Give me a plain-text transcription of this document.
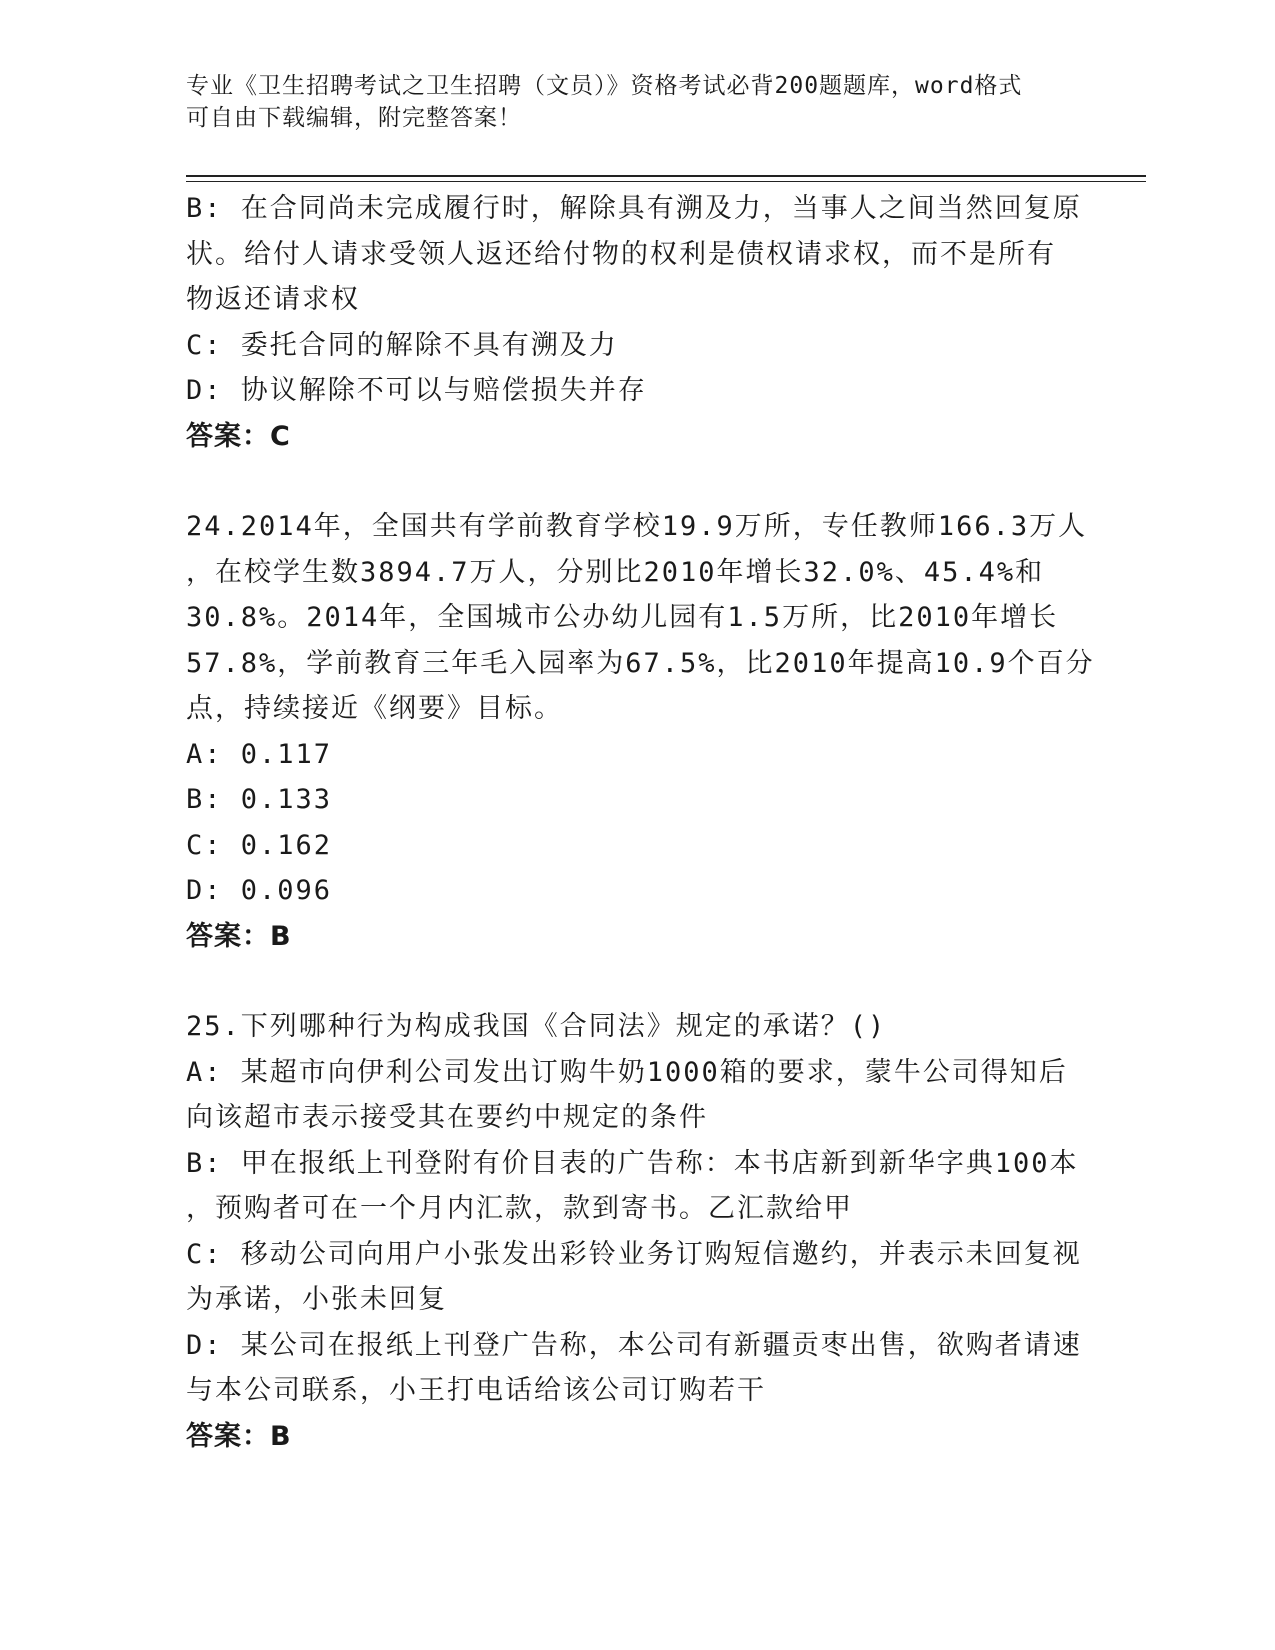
专业《卫生招聘考试之卫生招聘（文员）》资格考试必背200题题库，word格式
可自由下载编辑，附完整答案！
B: 在合同尚未完成履行时，解除具有溯及力，当事人之间当然回复原
状。给付人请求受领人返还给付物的权利是债权请求权，而不是所有
物返还请求权
C: 委托合同的解除不具有溯及力
D: 协议解除不可以与赔偿损失并存
答案：C
24.2014年，全国共有学前教育学校19.9万所，专任教师166.3万人
，在校学生数3894.7万人，分别比2010年增长32.0%、45.4%和
30.8%。2014年，全国城市公办幼儿园有1.5万所，比2010年增长
57.8%，学前教育三年毛入园率为67.5%，比2010年提高10.9个百分
点，持续接近《纲要》目标。
A: 0.117
B: 0.133
C: 0.162
D: 0.096
答案：B
25.下列哪种行为构成我国《合同法》规定的承诺？()
A: 某超市向伊利公司发出订购牛奶1000箱的要求，蒙牛公司得知后
向该超市表示接受其在要约中规定的条件
B: 甲在报纸上刊登附有价目表的广告称：本书店新到新华字典100本
，预购者可在一个月内汇款，款到寄书。乙汇款给甲
C: 移动公司向用户小张发出彩铃业务订购短信邀约，并表示未回复视
为承诺，小张未回复
D: 某公司在报纸上刊登广告称，本公司有新疆贡枣出售，欲购者请速
与本公司联系，小王打电话给该公司订购若干
答案：B
